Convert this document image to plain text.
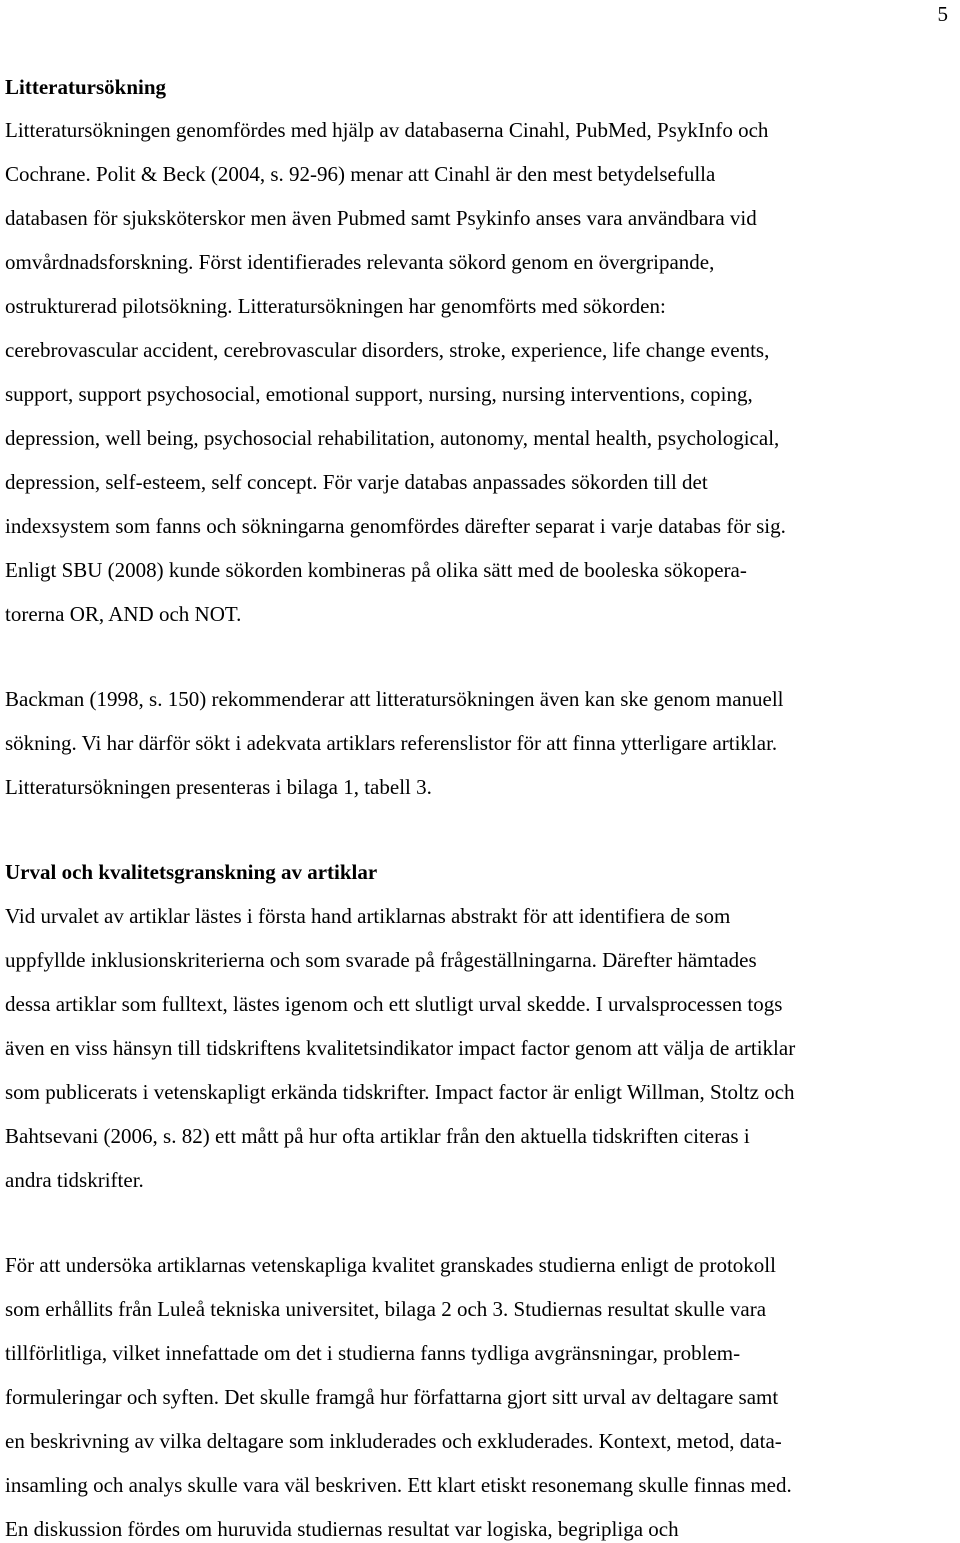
5
Litteratursökning
Litteratursökningen genomfördes med hjälp av databaserna Cinahl, PubMed, PsykInfo och
Cochrane. Polit & Beck (2004, s. 92-96) menar att Cinahl är den mest betydelsefulla
databasen för sjuksköterskor men även Pubmed samt Psykinfo anses vara användbara vid
omvårdnadsforskning. Först identifierades relevanta sökord genom en övergripande,
ostrukturerad pilotsökning. Litteratursökningen har genomförts med sökorden:
cerebrovascular accident, cerebrovascular disorders, stroke, experience, life change events,
support, support psychosocial, emotional support, nursing, nursing interventions, coping,
depression, well being, psychosocial rehabilitation, autonomy, mental health, psychological,
depression, self-esteem, self concept. För varje databas anpassades sökorden till det
indexsystem som fanns och sökningarna genomfördes därefter separat i varje databas för sig.
Enligt SBU (2008) kunde sökorden kombineras på olika sätt med de booleska sökopera-
torerna OR, AND och NOT.
Backman (1998, s. 150) rekommenderar att litteratursökningen även kan ske genom manuell
sökning. Vi har därför sökt i adekvata artiklars referenslistor för att finna ytterligare artiklar.
Litteratursökningen presenteras i bilaga 1, tabell 3.
Urval och kvalitetsgranskning av artiklar
Vid urvalet av artiklar lästes i första hand artiklarnas abstrakt för att identifiera de som
uppfyllde inklusionskriterierna och som svarade på frågeställningarna. Därefter hämtades
dessa artiklar som fulltext, lästes igenom och ett slutligt urval skedde. I urvalsprocessen togs
även en viss hänsyn till tidskriftens kvalitetsindikator impact factor genom att välja de artiklar
som publicerats i vetenskapligt erkända tidskrifter. Impact factor är enligt Willman, Stoltz och
Bahtsevani (2006, s. 82) ett mått på hur ofta artiklar från den aktuella tidskriften citeras i
andra tidskrifter.
För att undersöka artiklarnas vetenskapliga kvalitet granskades studierna enligt de protokoll
som erhållits från Luleå tekniska universitet, bilaga 2 och 3. Studiernas resultat skulle vara
tillförlitliga, vilket innefattade om det i studierna fanns tydliga avgränsningar, problem-
formuleringar och syften. Det skulle framgå hur författarna gjort sitt urval av deltagare samt
en beskrivning av vilka deltagare som inkluderades och exkluderades. Kontext, metod, data-
insamling och analys skulle vara väl beskriven. Ett klart etiskt resonemang skulle finnas med.
En diskussion fördes om huruvida studiernas resultat var logiska, begripliga och
